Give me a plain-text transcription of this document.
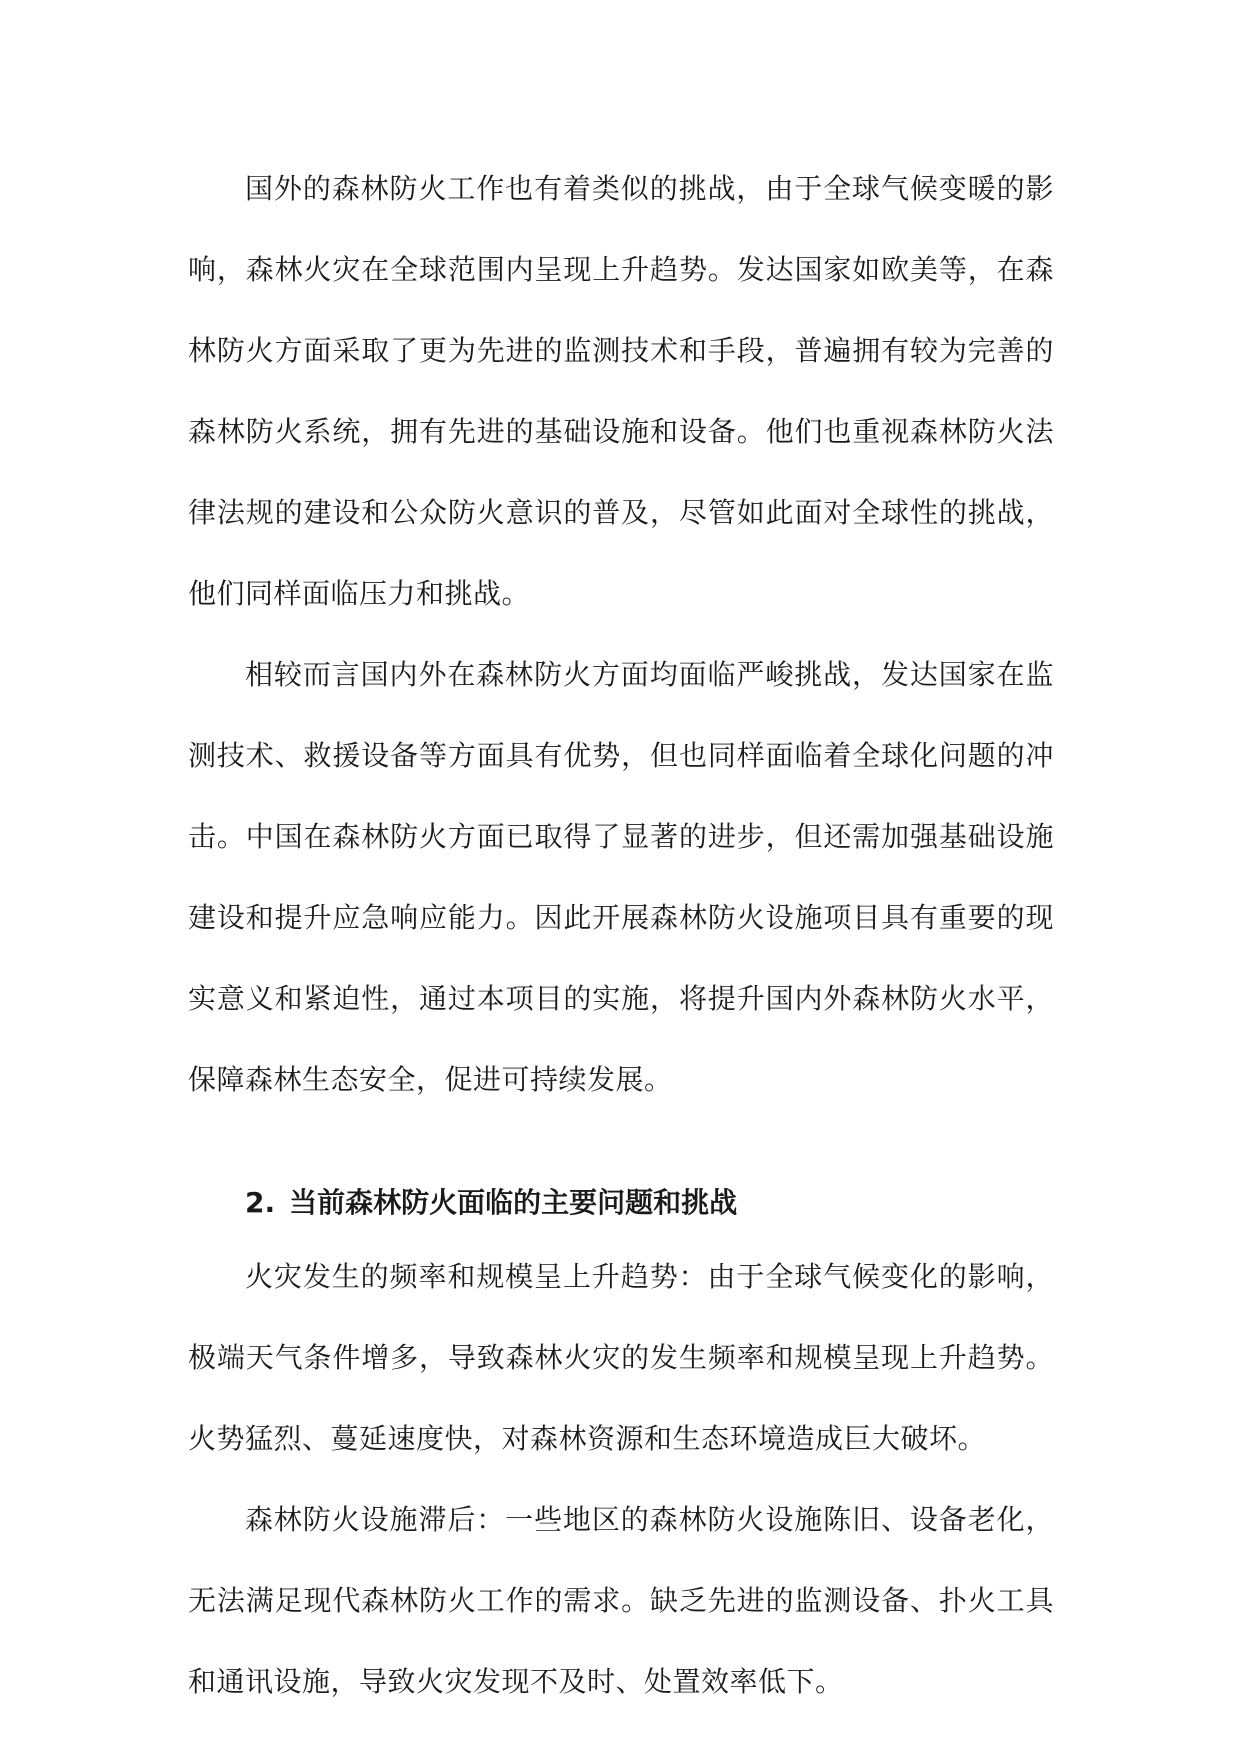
国外的森林防火工作也有着类似的挑战，由于全球气候变暖的影响，森林火灾在全球范围内呈现上升趋势。发达国家如欧美等，在森林防火方面采取了更为先进的监测技术和手段，普遍拥有较为完善的森林防火系统，拥有先进的基础设施和设备。他们也重视森林防火法律法规的建设和公众防火意识的普及，尽管如此面对全球性的挑战，他们同样面临压力和挑战。

相较而言国内外在森林防火方面均面临严峻挑战，发达国家在监测技术、救援设备等方面具有优势，但也同样面临着全球化问题的冲击。中国在森林防火方面已取得了显著的进步，但还需加强基础设施建设和提升应急响应能力。因此开展森林防火设施项目具有重要的现实意义和紧迫性，通过本项目的实施，将提升国内外森林防火水平，保障森林生态安全，促进可持续发展。

2. 当前森林防火面临的主要问题和挑战

火灾发生的频率和规模呈上升趋势：由于全球气候变化的影响，极端天气条件增多，导致森林火灾的发生频率和规模呈现上升趋势。火势猛烈、蔓延速度快，对森林资源和生态环境造成巨大破坏。

森林防火设施滞后：一些地区的森林防火设施陈旧、设备老化，无法满足现代森林防火工作的需求。缺乏先进的监测设备、扑火工具和通讯设施，导致火灾发现不及时、处置效率低下。
